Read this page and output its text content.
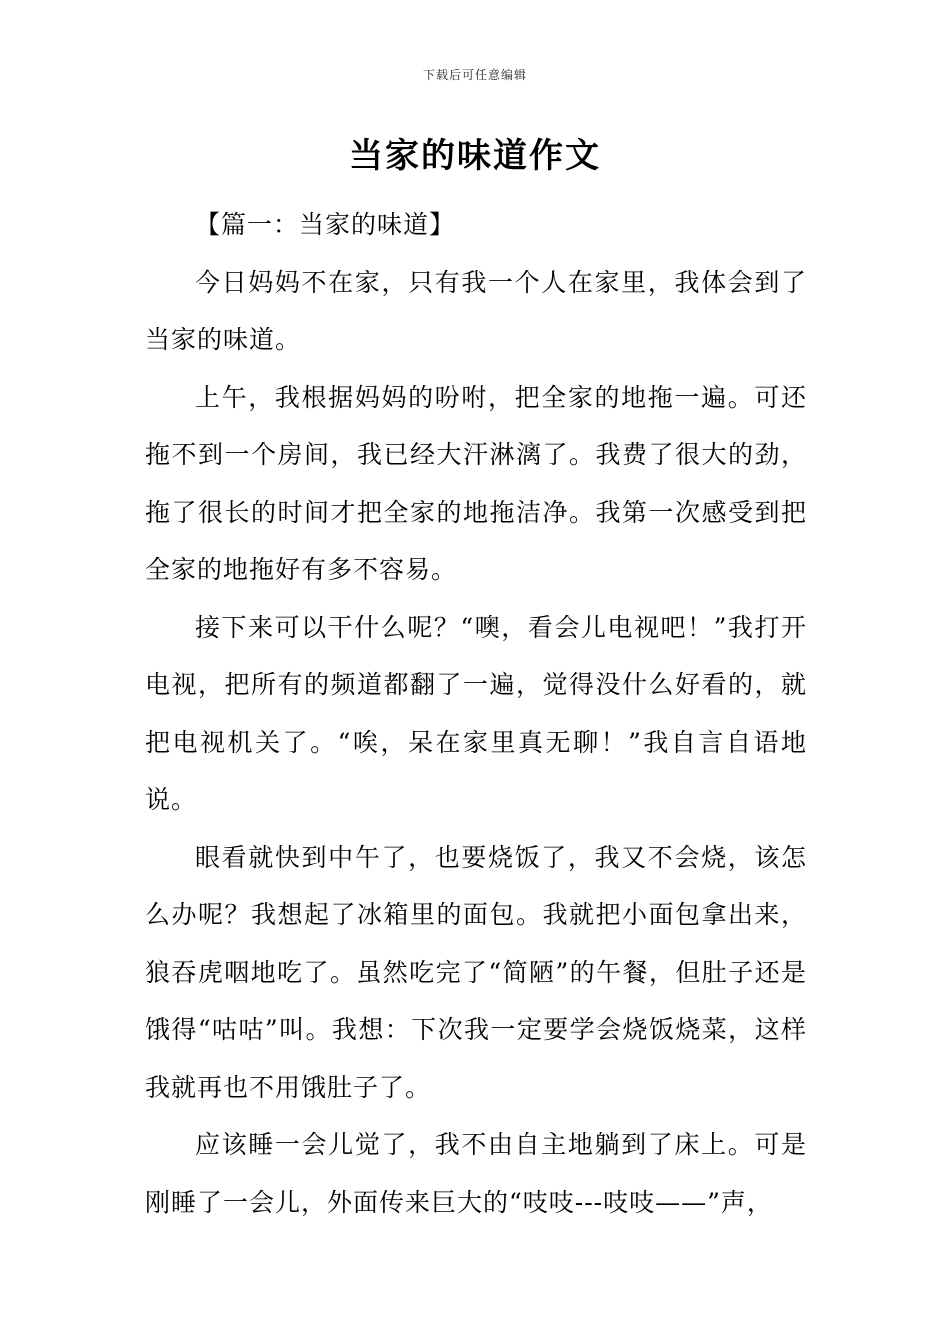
下载后可任意编辑
当家的味道作文

【篇一：当家的味道】

今日妈妈不在家，只有我一个人在家里，我体会到了当家的味道。

上午，我根据妈妈的吩咐，把全家的地拖一遍。可还拖不到一个房间，我已经大汗淋漓了。我费了很大的劲，拖了很长的时间才把全家的地拖洁净。我第一次感受到把全家的地拖好有多不容易。

接下来可以干什么呢？“噢，看会儿电视吧！”我打开电视，把所有的频道都翻了一遍，觉得没什么好看的，就把电视机关了。“唉，呆在家里真无聊！”我自言自语地说。

眼看就快到中午了，也要烧饭了，我又不会烧，该怎么办呢？我想起了冰箱里的面包。我就把小面包拿出来，狼吞虎咽地吃了。虽然吃完了“简陋”的午餐，但肚子还是饿得“咕咕”叫。我想：下次我一定要学会烧饭烧菜，这样我就再也不用饿肚子了。

应该睡一会儿觉了，我不由自主地躺到了床上。可是刚睡了一会儿，外面传来巨大的“吱吱---吱吱——”声，
